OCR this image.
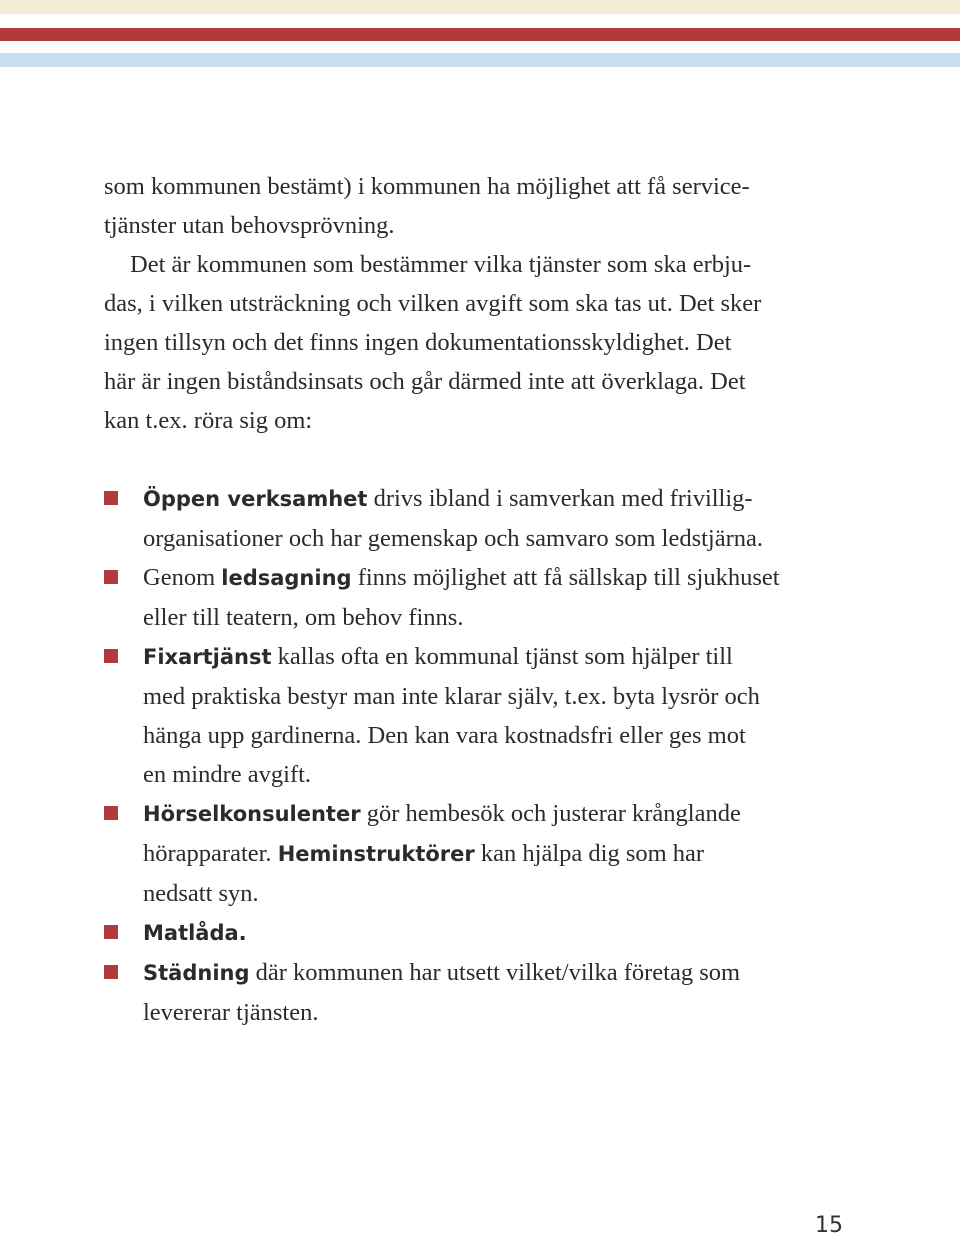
som kommunen bestämt) i kommunen ha möjlighet att få service-
tjänster utan behovsprövning.
Det är kommunen som bestämmer vilka tjänster som ska erbju-
das, i vilken utsträckning och vilken avgift som ska tas ut. Det sker
ingen tillsyn och det finns ingen dokumentationsskyldighet. Det
här är ingen biståndsinsats och går därmed inte att överklaga. Det
kan t.ex. röra sig om:

Öppen verksamhet drivs ibland i samverkan med frivillig-
organisationer och har gemenskap och samvaro som ledstjärna.
Genom ledsagning finns möjlighet att få sällskap till sjukhuset
eller till teatern, om behov finns.
Fixartjänst kallas ofta en kommunal tjänst som hjälper till
med praktiska bestyr man inte klarar själv, t.ex. byta lysrör och
hänga upp gardinerna. Den kan vara kostnadsfri eller ges mot
en mindre avgift.
Hörselkonsulenter gör hembesök och justerar krånglande
hörapparater. Heminstruktörer kan hjälpa dig som har
nedsatt syn.
Matlåda.
Städning där kommunen har utsett vilket/vilka företag som
levererar tjänsten.
15
